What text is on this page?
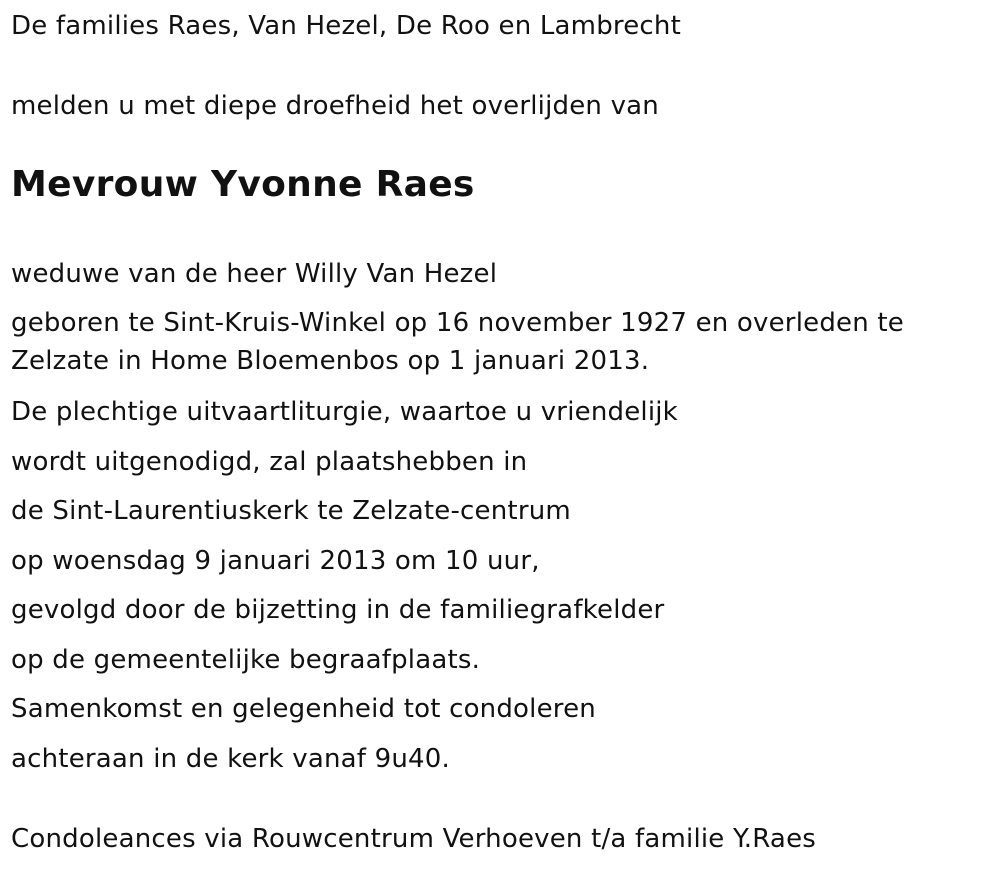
De families Raes, Van Hezel, De Roo en Lambrecht
melden u met diepe droefheid het overlijden van
Mevrouw Yvonne Raes
weduwe van de heer Willy Van Hezel
geboren te Sint-Kruis-Winkel op 16 november 1927 en overleden te
Zelzate in Home Bloemenbos op 1 januari 2013.
De plechtige uitvaartliturgie, waartoe u vriendelijk
wordt uitgenodigd, zal plaatshebben in
de Sint-Laurentiuskerk te Zelzate-centrum
op woensdag 9 januari 2013 om 10 uur,
gevolgd door de bijzetting in de familiegrafkelder
op de gemeentelijke begraafplaats.
Samenkomst en gelegenheid tot condoleren
achteraan in de kerk vanaf 9u40.
Condoleances via Rouwcentrum Verhoeven t/a familie Y.Raes
